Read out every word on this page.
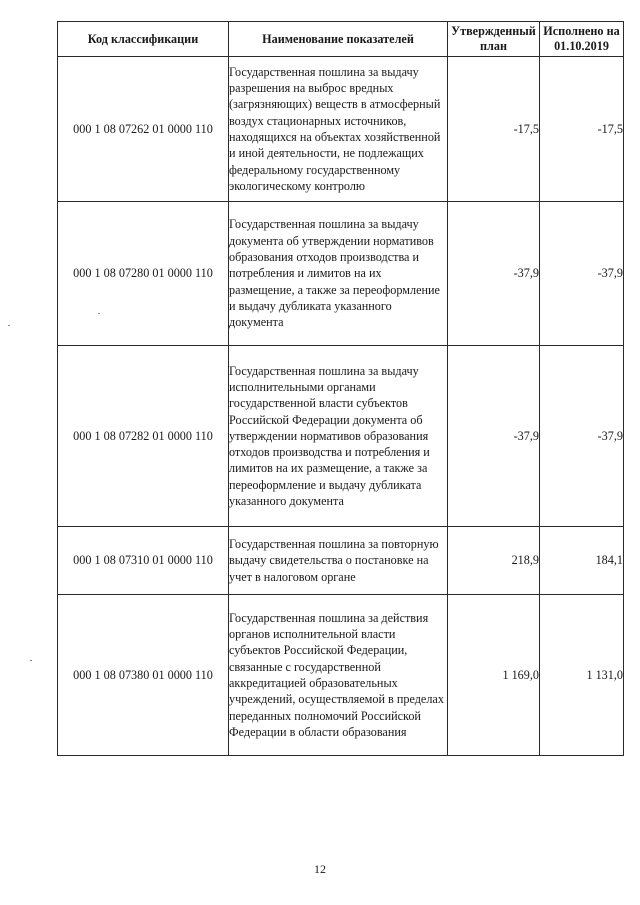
Код классификации	Наименование показателей	Утвержденный план	Исполнено на 01.10.2019
000 1 08 07262 01 0000 110	Государственная пошлина за выдачу разрешения на выброс вредных (загрязняющих) веществ в атмосферный воздух стационарных источников, находящихся на объектах хозяйственной и иной деятельности, не подлежащих федеральному государственному экологическому контролю	-17,5	-17,5
000 1 08 07280 01 0000 110	Государственная пошлина за выдачу документа об утверждении нормативов образования отходов производства и потребления и лимитов на их размещение, а также за переоформление и выдачу дубликата указанного документа	-37,9	-37,9
000 1 08 07282 01 0000 110	Государственная пошлина за выдачу исполнительными органами государственной власти субъектов Российской Федерации документа об утверждении нормативов образования отходов производства и потребления и лимитов на их размещение, а также за переоформление и выдачу дубликата указанного документа	-37,9	-37,9
000 1 08 07310 01 0000 110	Государственная пошлина за повторную выдачу свидетельства о постановке на учет в налоговом органе	218,9	184,1
000 1 08 07380 01 0000 110	Государственная пошлина за действия органов исполнительной власти субъектов Российской Федерации, связанные с государственной аккредитацией образовательных учреждений, осуществляемой в пределах переданных полномочий Российской Федерации в области образования	1 169,0	1 131,0
12
